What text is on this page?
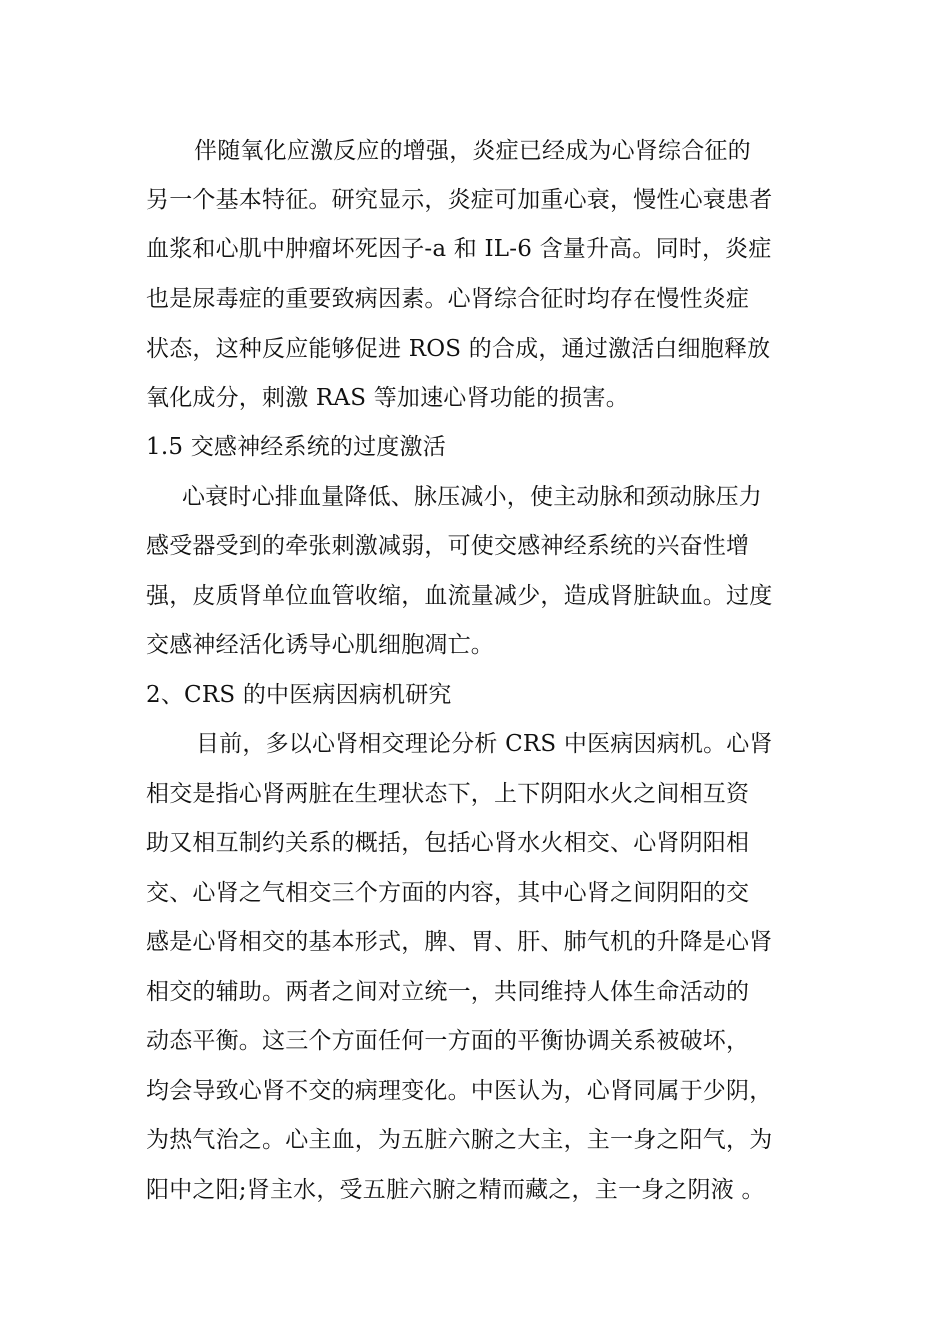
伴随氧化应激反应的增强，炎症已经成为心肾综合征的
另一个基本特征。研究显示，炎症可加重心衰，慢性心衰患者
血浆和心肌中肿瘤坏死因子-a 和 IL-6 含量升高。同时，炎症
也是尿毒症的重要致病因素。心肾综合征时均存在慢性炎症
状态，这种反应能够促进 ROS 的合成，通过激活白细胞释放
氧化成分，刺激 RAS 等加速心肾功能的损害。
1.5 交感神经系统的过度激活
心衰时心排血量降低、脉压减小，使主动脉和颈动脉压力
感受器受到的牵张刺激减弱，可使交感神经系统的兴奋性增
强，皮质肾单位血管收缩，血流量减少，造成肾脏缺血。过度
交感神经活化诱导心肌细胞凋亡。
2、CRS 的中医病因病机研究
目前，多以心肾相交理论分析 CRS 中医病因病机。心肾
相交是指心肾两脏在生理状态下，上下阴阳水火之间相互资
助又相互制约关系的概括，包括心肾水火相交、心肾阴阳相
交、心肾之气相交三个方面的内容，其中心肾之间阴阳的交
感是心肾相交的基本形式，脾、胃、肝、肺气机的升降是心肾
相交的辅助。两者之间对立统一，共同维持人体生命活动的
动态平衡。这三个方面任何一方面的平衡协调关系被破坏，
均会导致心肾不交的病理变化。中医认为，心肾同属于少阴，
为热气治之。心主血，为五脏六腑之大主，主一身之阳气，为
阳中之阳;肾主水，受五脏六腑之精而藏之，主一身之阴液 。
